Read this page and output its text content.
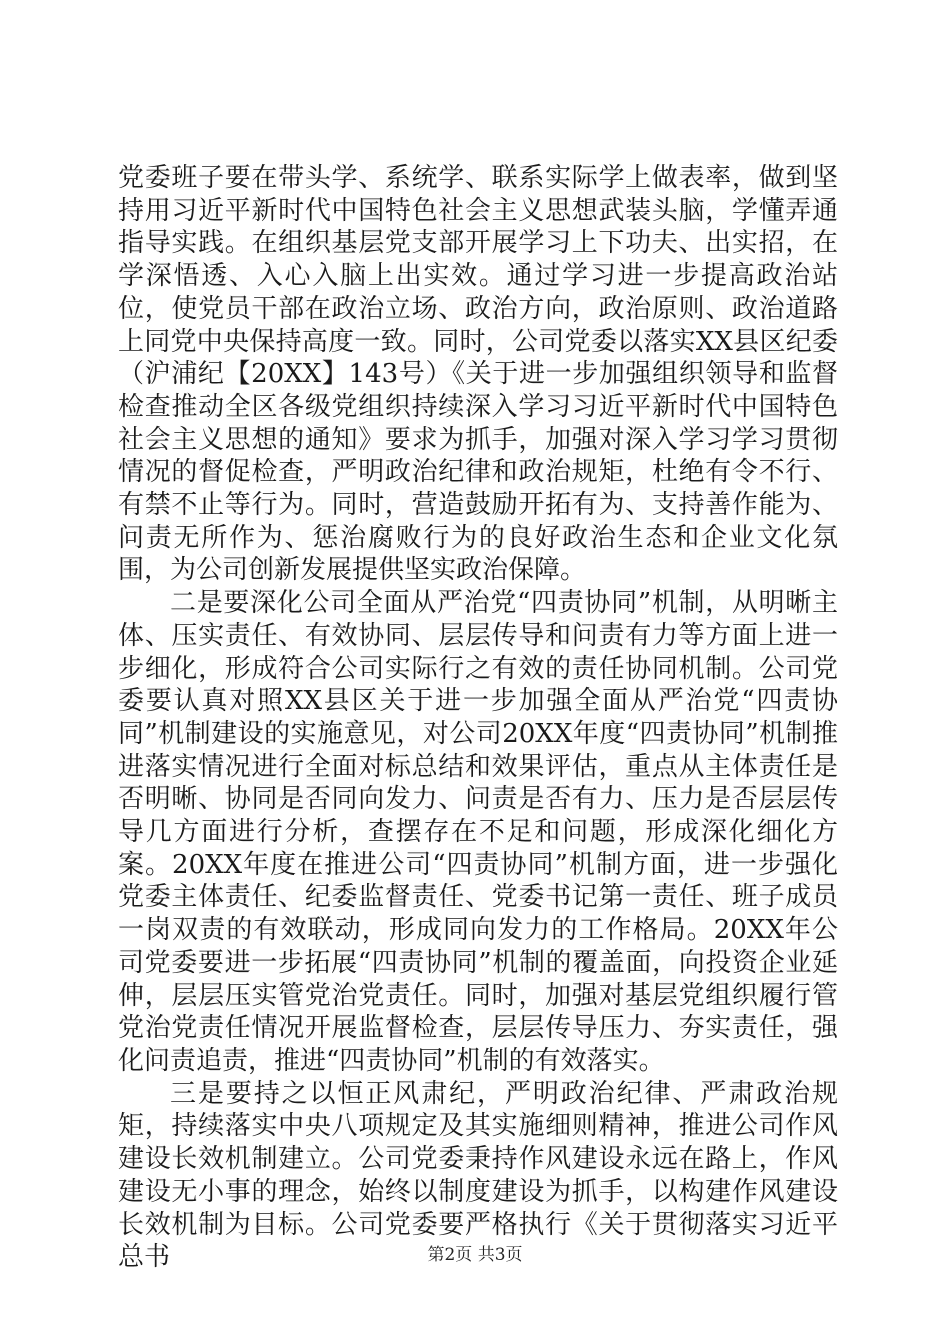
党委班子要在带头学、系统学、联系实际学上做表率，做到坚持用习近平新时代中国特色社会主义思想武装头脑，学懂弄通指导实践。在组织基层党支部开展学习上下功夫、出实招，在学深悟透、入心入脑上出实效。通过学习进一步提高政治站位，使党员干部在政治立场、政治方向，政治原则、政治道路上同党中央保持高度一致。同时，公司党委以落实XX县区纪委（沪浦纪【20XX】143号）《关于进一步加强组织领导和监督检查推动全区各级党组织持续深入学习习近平新时代中国特色社会主义思想的通知》要求为抓手，加强对深入学习学习贯彻情况的督促检查，严明政治纪律和政治规矩，杜绝有令不行、有禁不止等行为。同时，营造鼓励开拓有为、支持善作能为、问责无所作为、惩治腐败行为的良好政治生态和企业文化氛围，为公司创新发展提供坚实政治保障。

二是要深化公司全面从严治党“四责协同”机制，从明晰主体、压实责任、有效协同、层层传导和问责有力等方面上进一步细化，形成符合公司实际行之有效的责任协同机制。公司党委要认真对照XX县区关于进一步加强全面从严治党“四责协同”机制建设的实施意见，对公司20XX年度“四责协同”机制推进落实情况进行全面对标总结和效果评估，重点从主体责任是否明晰、协同是否同向发力、问责是否有力、压力是否层层传导几方面进行分析，查摆存在不足和问题，形成深化细化方案。20XX年度在推进公司“四责协同”机制方面，进一步强化党委主体责任、纪委监督责任、党委书记第一责任、班子成员一岗双责的有效联动，形成同向发力的工作格局。20XX年公司党委要进一步拓展“四责协同”机制的覆盖面，向投资企业延伸，层层压实管党治党责任。同时，加强对基层党组织履行管党治党责任情况开展监督检查，层层传导压力、夯实责任，强化问责追责，推进“四责协同”机制的有效落实。

三是要持之以恒正风肃纪，严明政治纪律、严肃政治规矩，持续落实中央八项规定及其实施细则精神，推进公司作风建设长效机制建立。公司党委秉持作风建设永远在路上，作风建设无小事的理念，始终以制度建设为抓手，以构建作风建设长效机制为目标。公司党委要严格执行《关于贯彻落实习近平总书	第2页 共3页
